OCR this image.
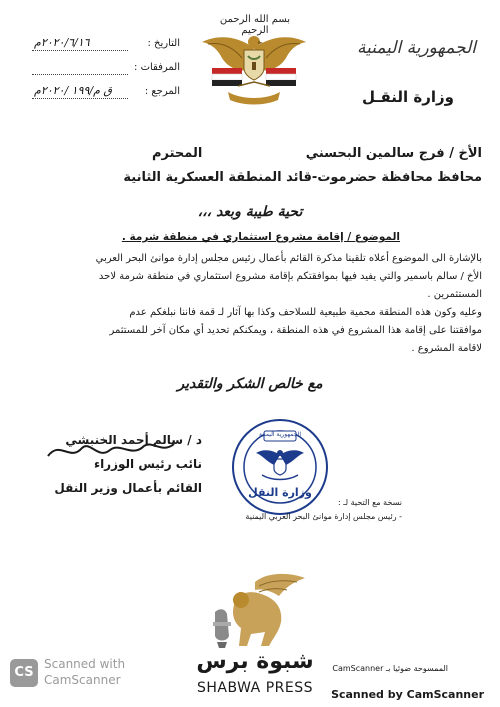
بسم الله الرحمن الرحيم
التاريخ :
٢٠٢٠/٦/١٦م
المرفقات :
المرجع :
ق م/١٩٩ /٢٠٢٠م
الجمهورية اليمنية
وزارة النقـل
الأخ / فرج سالمين البحسني
المحترم
محافظ محافظة حضرموت-قائد المنطقة العسكرية الثانية
تحية طيبة وبعد ،،،
الموضوع / إقامة مشروع استثماري في منطقة شرمة .

بالإشارة الى الموضوع أعلاه تلقينا مذكرة القائم بأعمال رئيس مجلس إدارة موانئ البحر العربي

الأخ / سالم باسمير والتي يفيد فيها بموافقتكم بإقامة مشروع استثماري في منطقة شرمة لاحد

المستثمرين .

وعليه وكون هذه المنطقة محمية طبيعية للسلاحف وكذا بها آثار لـ قمة فاننا نبلغكم عدم

موافقتنا على إقامة هذا المشروع في هذه المنطقة ، ويمكنكم تحديد أي مكان آخر للمستثمر

لاقامة المشروع .

مع خالص الشكر والتقدير
د / سالم أحمد الخنبشي
نائب رئيس الوزراء
القائم بأعمال وزير النقل
الجمهورية اليمنية
وزارة النقل
نسخة مع التحية لـ :
- رئيس مجلس إدارة موانئ البحر العربي اليمنية
CS
Scanned with
CamScanner
شبوة برس
SHABWA PRESS
الممسوحة ضوئيا بـ CamScanner
Scanned by CamScanner
